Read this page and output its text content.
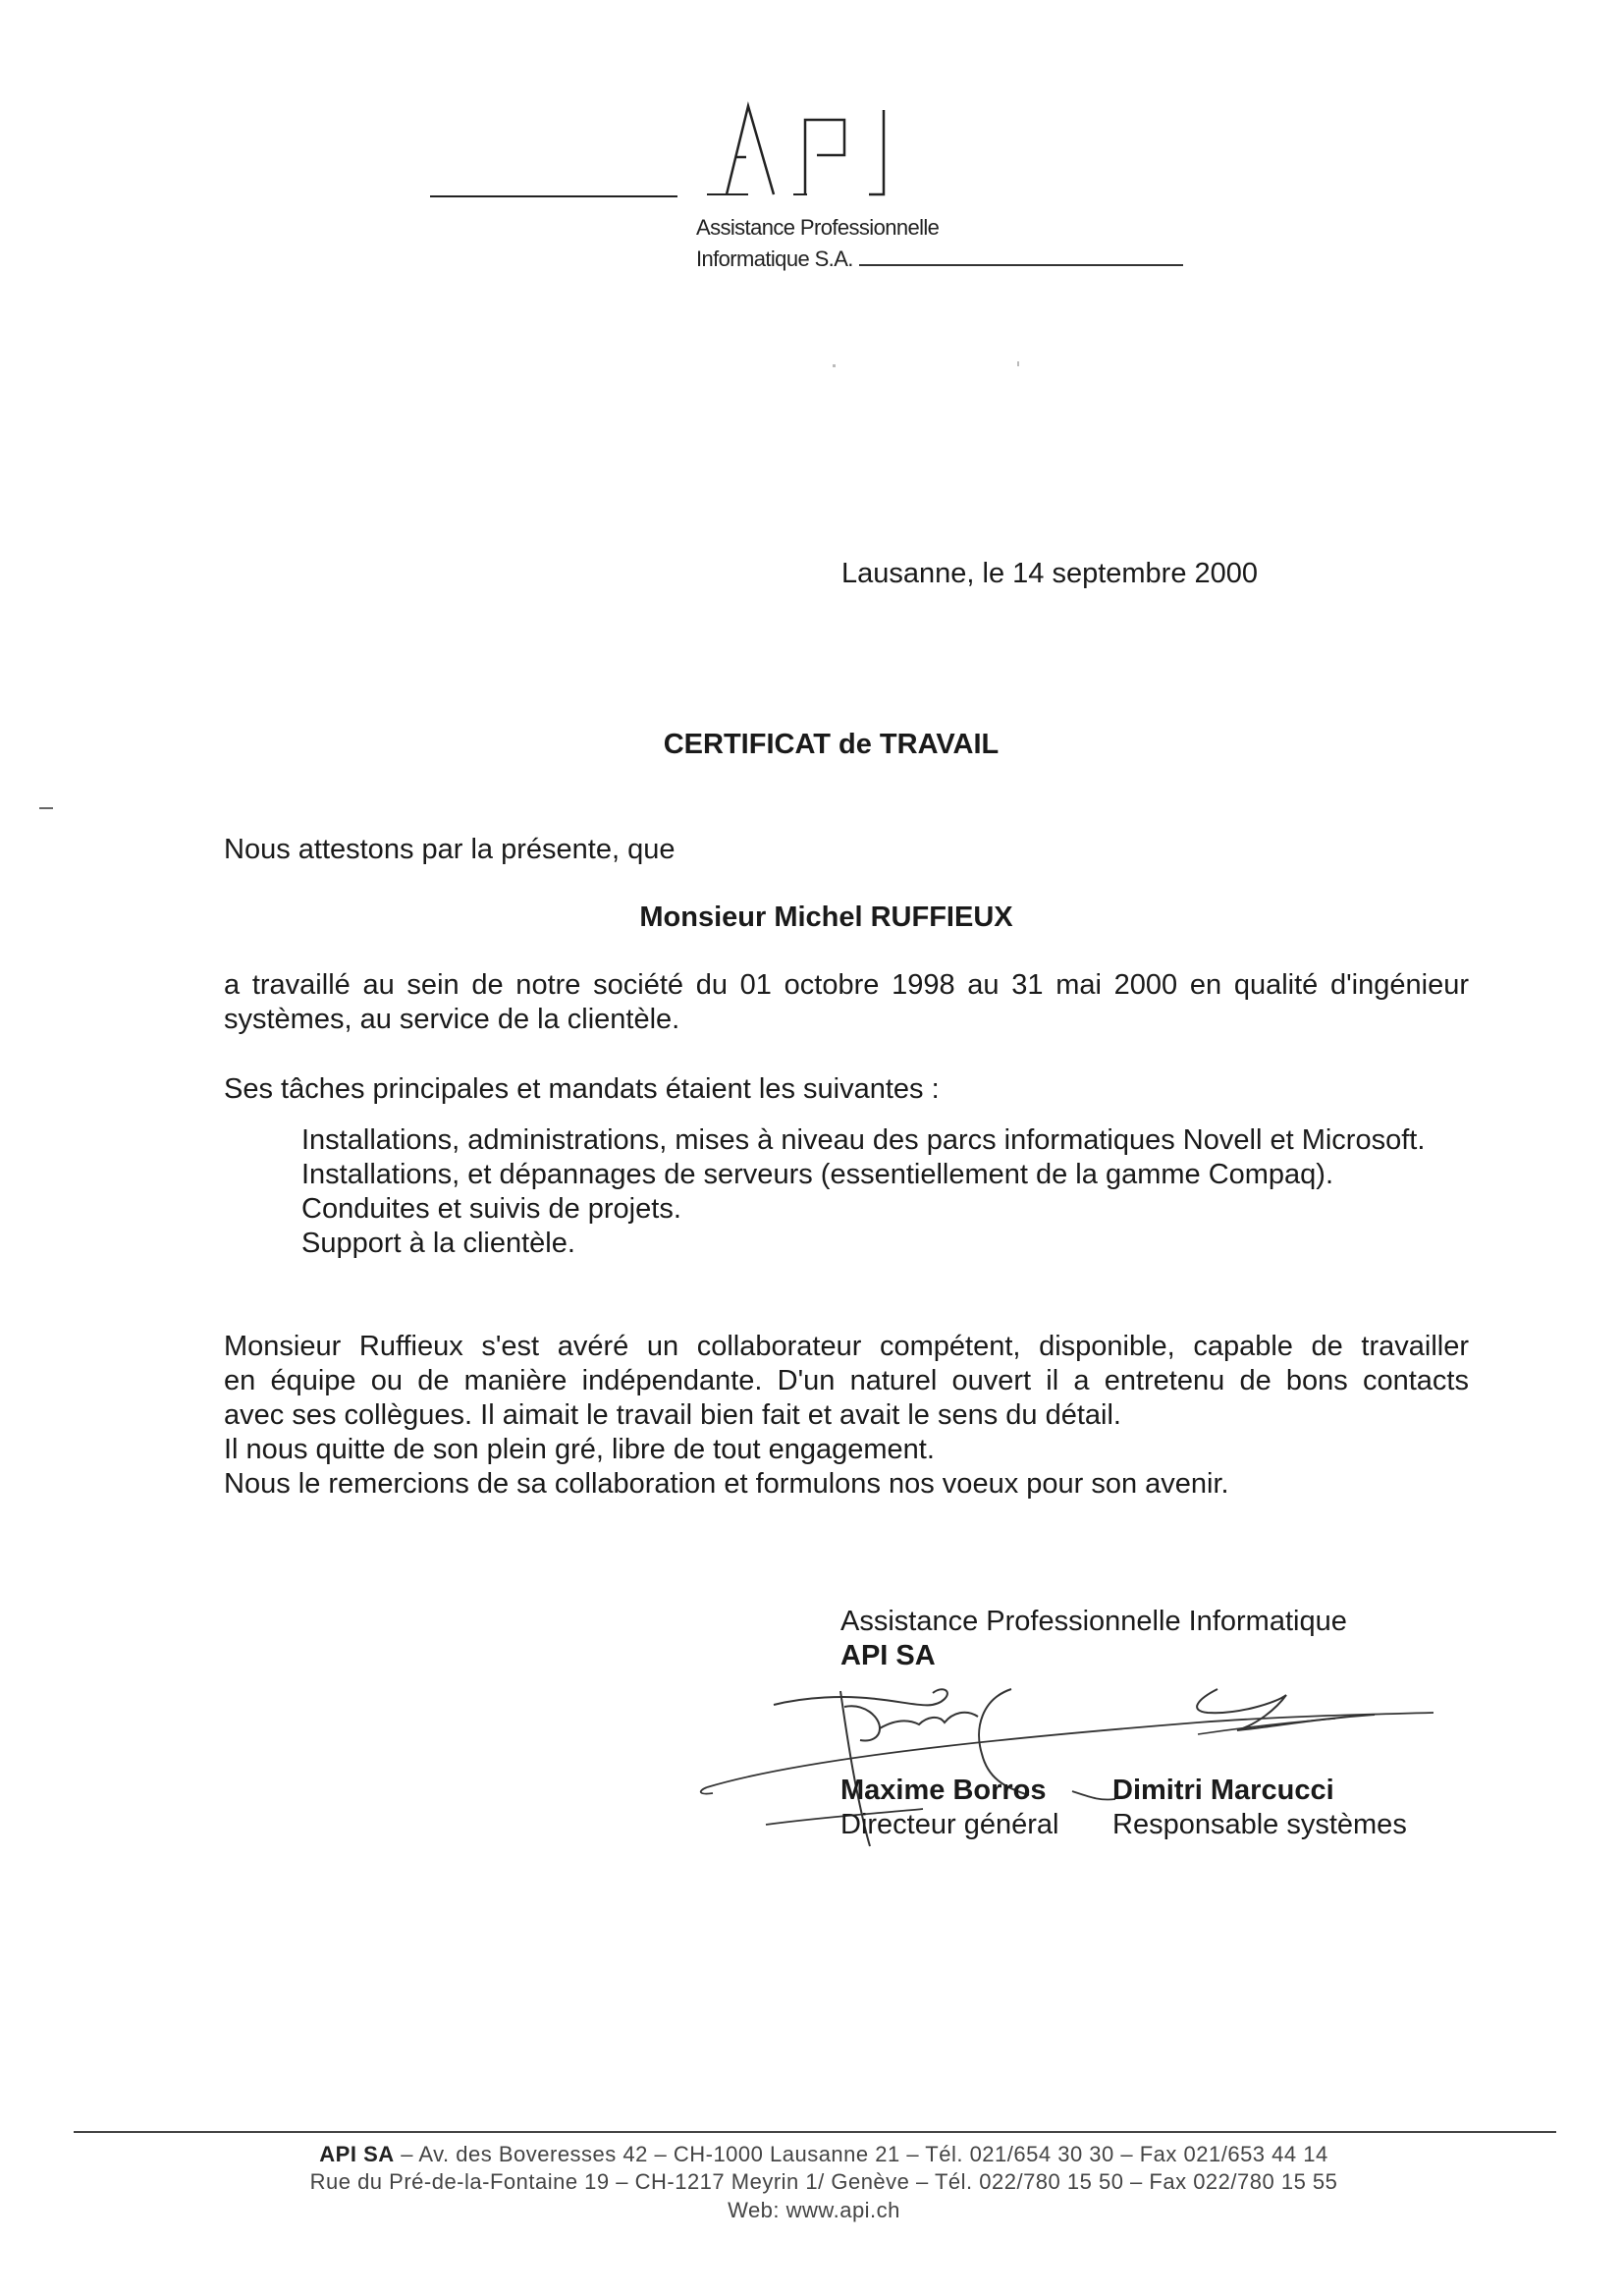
Assistance Professionnelle
Informatique S.A.
Lausanne, le 14 septembre 2000
CERTIFICAT de TRAVAIL
Nous attestons par la présente, que
Monsieur Michel RUFFIEUX
a travaillé au sein de notre société du 01 octobre 1998 au 31 mai 2000 en qualité d'ingénieur
systèmes, au service de la clientèle.
Ses tâches principales et mandats étaient les suivantes :
Installations, administrations, mises à niveau des parcs informatiques Novell et Microsoft.
Installations, et dépannages de serveurs (essentiellement de la gamme Compaq).
Conduites et suivis de projets.
Support à la clientèle.
Monsieur Ruffieux s'est avéré un collaborateur compétent, disponible, capable de travailler
en équipe ou de manière indépendante. D'un naturel ouvert il a entretenu de bons contacts
avec ses collègues. Il aimait le travail bien fait et avait le sens du détail.
Il nous quitte de son plein gré, libre de tout engagement.
Nous le remercions de sa collaboration et formulons nos voeux pour son avenir.
Assistance Professionnelle Informatique
API SA
Maxime Borros
Directeur général
Dimitri Marcucci
Responsable systèmes
API SA – Av. des Boveresses 42 – CH-1000 Lausanne 21 – Tél. 021/654 30 30 – Fax 021/653 44 14
Rue du Pré-de-la-Fontaine 19 – CH-1217 Meyrin 1/ Genève – Tél. 022/780 15 50 – Fax 022/780 15 55
Web: www.api.ch
